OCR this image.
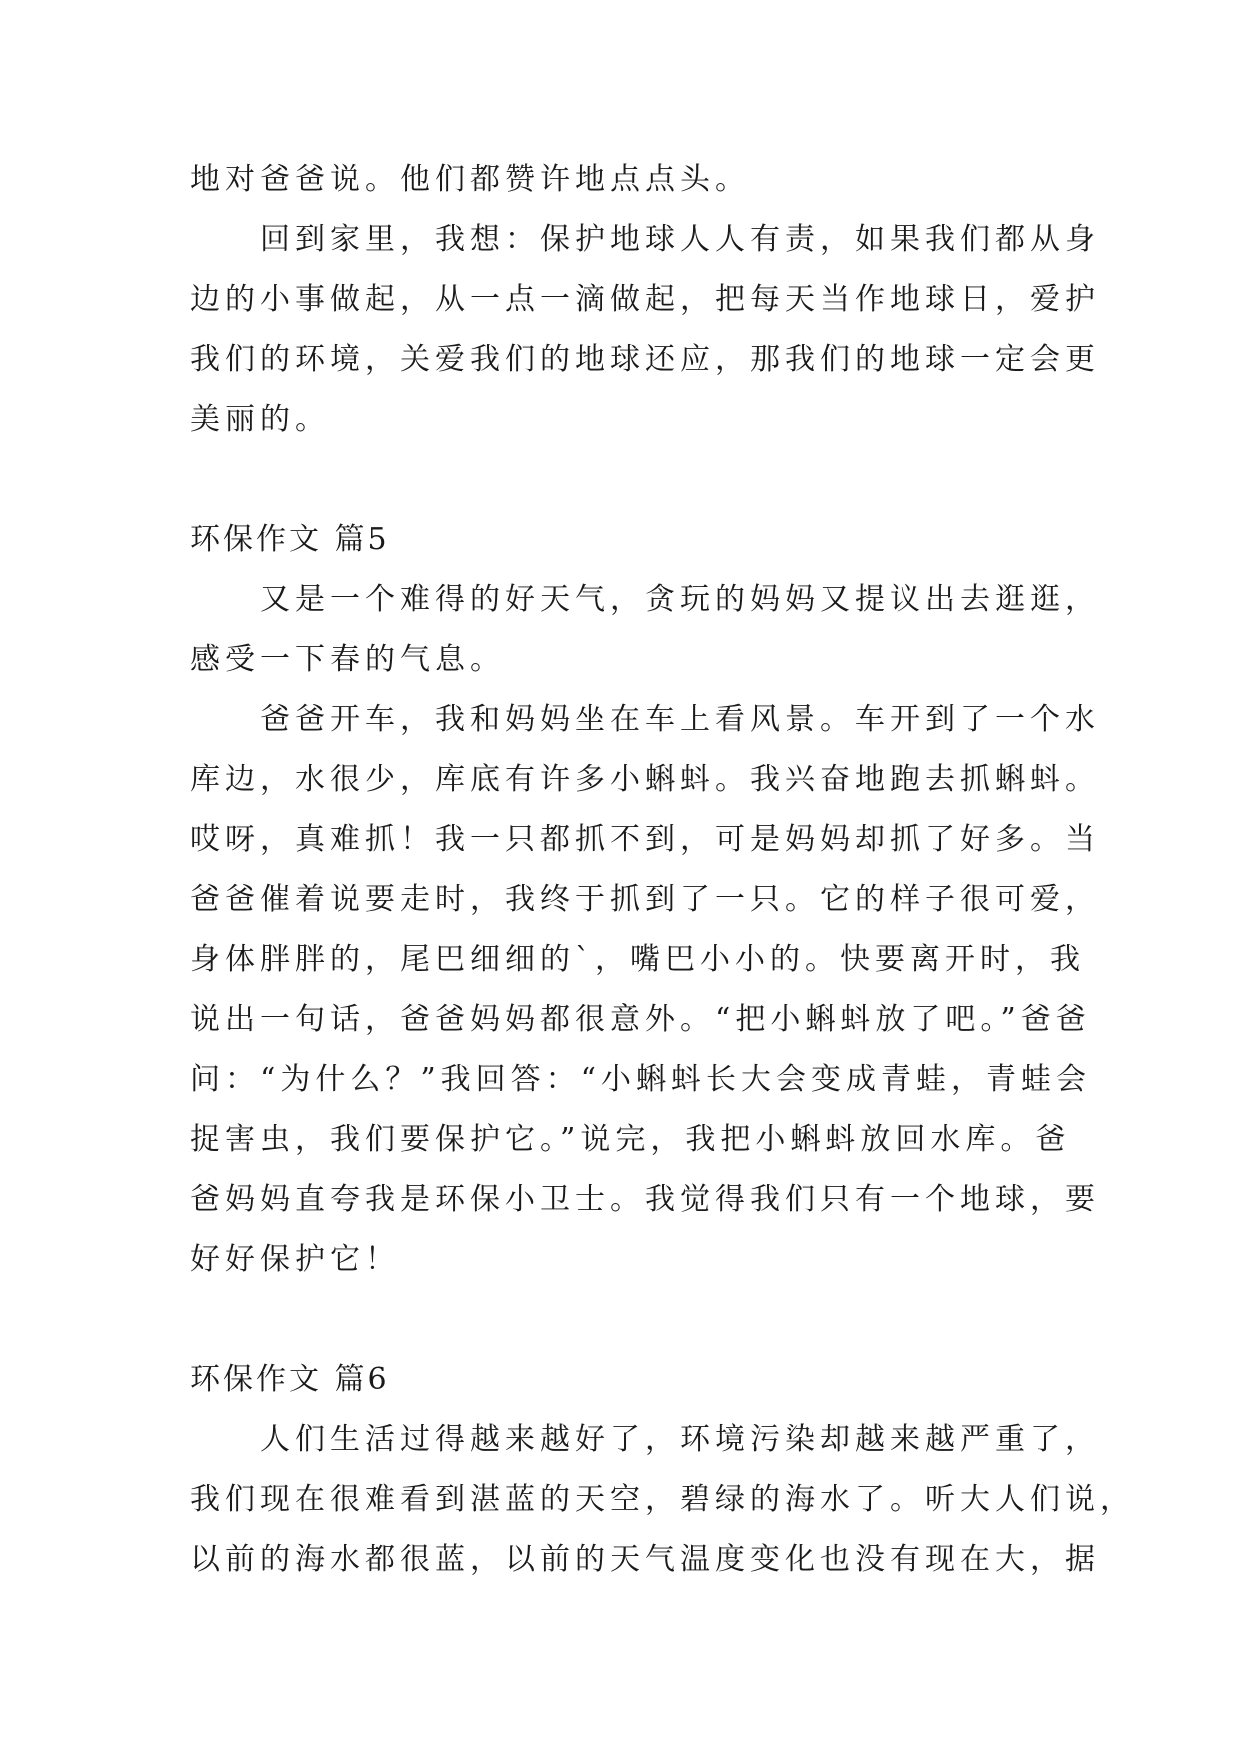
地对爸爸说。他们都赞许地点点头。
回到家里，我想：保护地球人人有责，如果我们都从身
边的小事做起，从一点一滴做起，把每天当作地球日，爱护
我们的环境，关爱我们的地球还应，那我们的地球一定会更
美丽的。
环保作文 篇5
又是一个难得的好天气，贪玩的妈妈又提议出去逛逛，
感受一下春的气息。
爸爸开车，我和妈妈坐在车上看风景。车开到了一个水
库边，水很少，库底有许多小蝌蚪。我兴奋地跑去抓蝌蚪。
哎呀，真难抓！我一只都抓不到，可是妈妈却抓了好多。当
爸爸催着说要走时，我终于抓到了一只。它的样子很可爱，
身体胖胖的，尾巴细细的`，嘴巴小小的。快要离开时，我
说出一句话，爸爸妈妈都很意外。“把小蝌蚪放了吧。”爸爸
问：“为什么？”我回答：“小蝌蚪长大会变成青蛙，青蛙会
捉害虫，我们要保护它。”说完，我把小蝌蚪放回水库。爸
爸妈妈直夸我是环保小卫士。我觉得我们只有一个地球，要
好好保护它！
环保作文 篇6
人们生活过得越来越好了，环境污染却越来越严重了，
我们现在很难看到湛蓝的天空，碧绿的海水了。听大人们说，
以前的海水都很蓝，以前的天气温度变化也没有现在大，据
